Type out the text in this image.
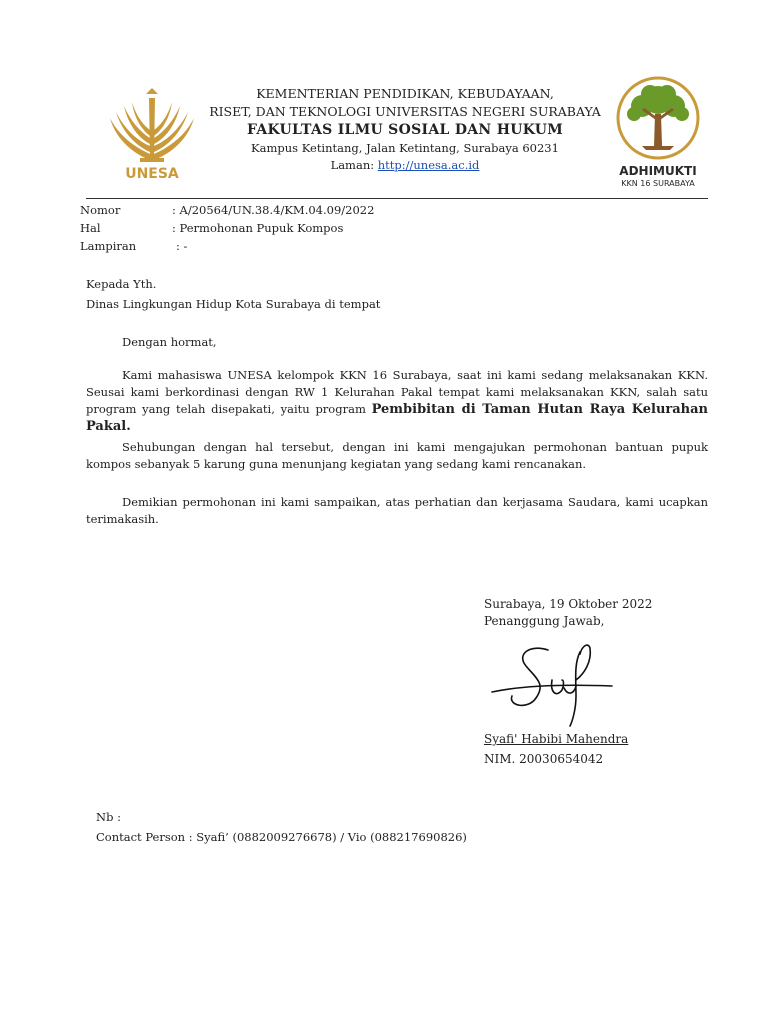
UNESA
KEMENTERIAN PENDIDIKAN, KEBUDAYAAN,
RISET, DAN TEKNOLOGI UNIVERSITAS NEGERI SURABAYA
FAKULTAS ILMU SOSIAL DAN HUKUM
Kampus Ketintang, Jalan Ketintang, Surabaya 60231
Laman: http://unesa.ac.id	ADHIMUKTI
KKN 16 SURABAYA
Nomor	: A/20564/UN.38.4/KM.04.09/2022
Hal	: Permohonan Pupuk Kompos
Lampiran	: -
Kepada Yth.
Dinas Lingkungan Hidup Kota Surabaya di tempat
Dengan hormat,
Kami mahasiswa UNESA kelompok KKN 16 Surabaya, saat ini kami sedang melaksanakan KKN. Seusai kami berkordinasi dengan RW 1 Kelurahan Pakal tempat kami melaksanakan KKN, salah satu program yang telah disepakati, yaitu program Pembibitan di Taman Hutan Raya Kelurahan Pakal.
Sehubungan dengan hal tersebut, dengan ini kami mengajukan permohonan bantuan pupuk kompos sebanyak 5 karung guna menunjang kegiatan yang sedang kami rencanakan.
Demikian permohonan ini kami sampaikan, atas perhatian dan kerjasama Saudara, kami ucapkan terimakasih.
Surabaya, 19 Oktober 2022
Penanggung Jawab,
Syafi' Habibi Mahendra
NIM. 20030654042
Nb :
Contact Person : Syafi’ (0882009276678) / Vio (088217690826)
